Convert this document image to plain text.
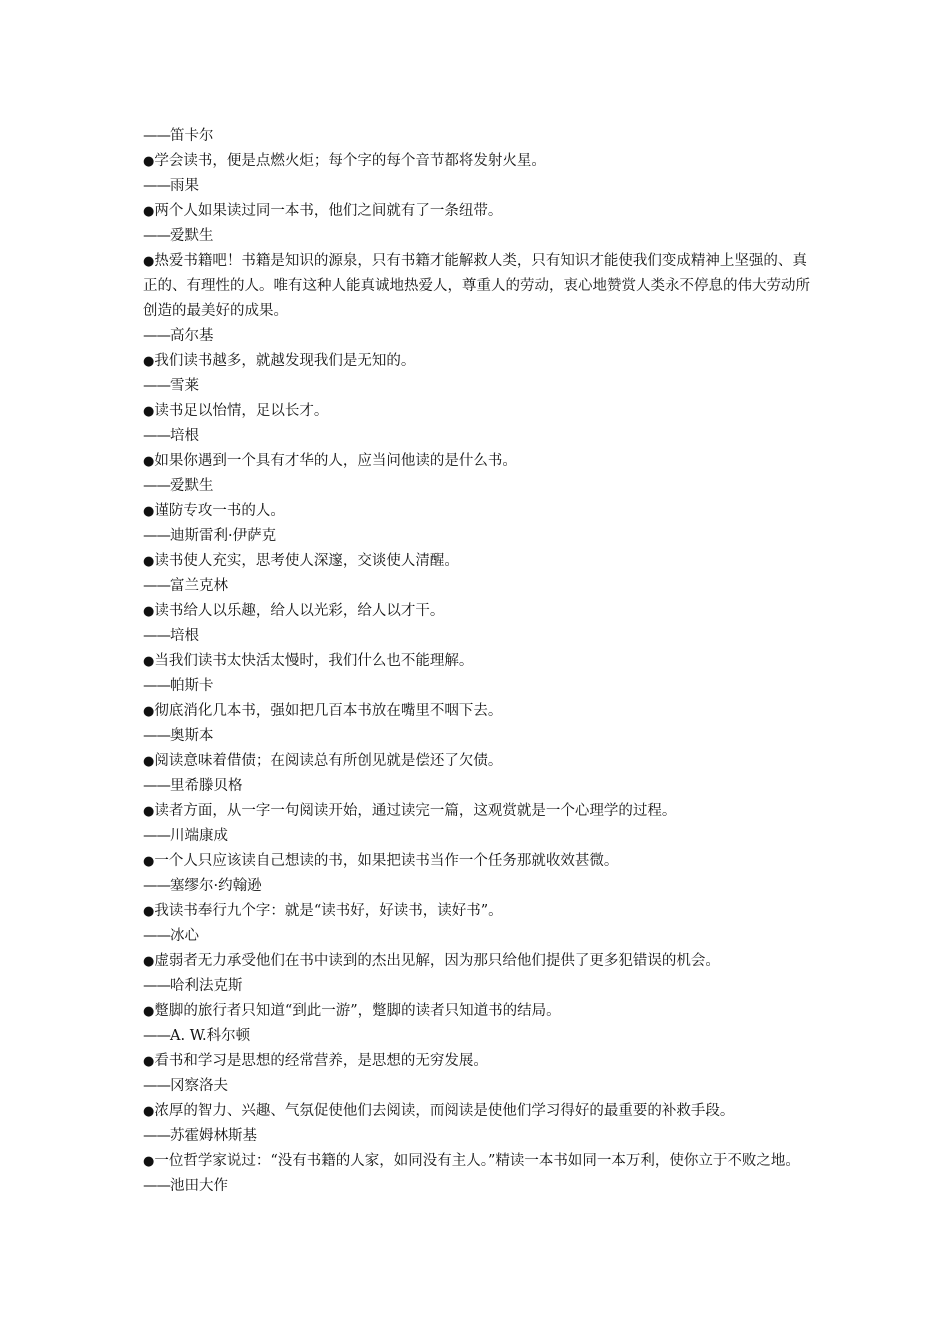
——笛卡尔
●学会读书，便是点燃火炬；每个字的每个音节都将发射火星。
——雨果
●两个人如果读过同一本书，他们之间就有了一条纽带。
——爱默生
●热爱书籍吧！书籍是知识的源泉，只有书籍才能解救人类，只有知识才能使我们变成精神上坚强的、真正的、有理性的人。唯有这种人能真诚地热爱人，尊重人的劳动，衷心地赞赏人类永不停息的伟大劳动所创造的最美好的成果。
——高尔基
●我们读书越多，就越发现我们是无知的。
——雪莱
●读书足以怡情，足以长才。
——培根
●如果你遇到一个具有才华的人，应当问他读的是什么书。
——爱默生
●谨防专攻一书的人。
——迪斯雷利·伊萨克
●读书使人充实，思考使人深邃，交谈使人清醒。
——富兰克林
●读书给人以乐趣，给人以光彩，给人以才干。
——培根
●当我们读书太快活太慢时，我们什么也不能理解。
——帕斯卡
●彻底消化几本书，强如把几百本书放在嘴里不咽下去。
——奥斯本
●阅读意味着借债；在阅读总有所创见就是偿还了欠债。
——里希滕贝格
●读者方面，从一字一句阅读开始，通过读完一篇，这观赏就是一个心理学的过程。
——川端康成
●一个人只应该读自己想读的书，如果把读书当作一个任务那就收效甚微。
——塞缪尔·约翰逊
●我读书奉行九个字：就是“读书好，好读书，读好书”。
——冰心
●虚弱者无力承受他们在书中读到的杰出见解，因为那只给他们提供了更多犯错误的机会。
——哈利法克斯
●蹩脚的旅行者只知道“到此一游”，蹩脚的读者只知道书的结局。
——A. W.科尔顿
●看书和学习是思想的经常营养，是思想的无穷发展。
——冈察洛夫
●浓厚的智力、兴趣、气氛促使他们去阅读，而阅读是使他们学习得好的最重要的补救手段。
——苏霍姆林斯基
●一位哲学家说过：“没有书籍的人家，如同没有主人。”精读一本书如同一本万利，使你立于不败之地。
——池田大作
